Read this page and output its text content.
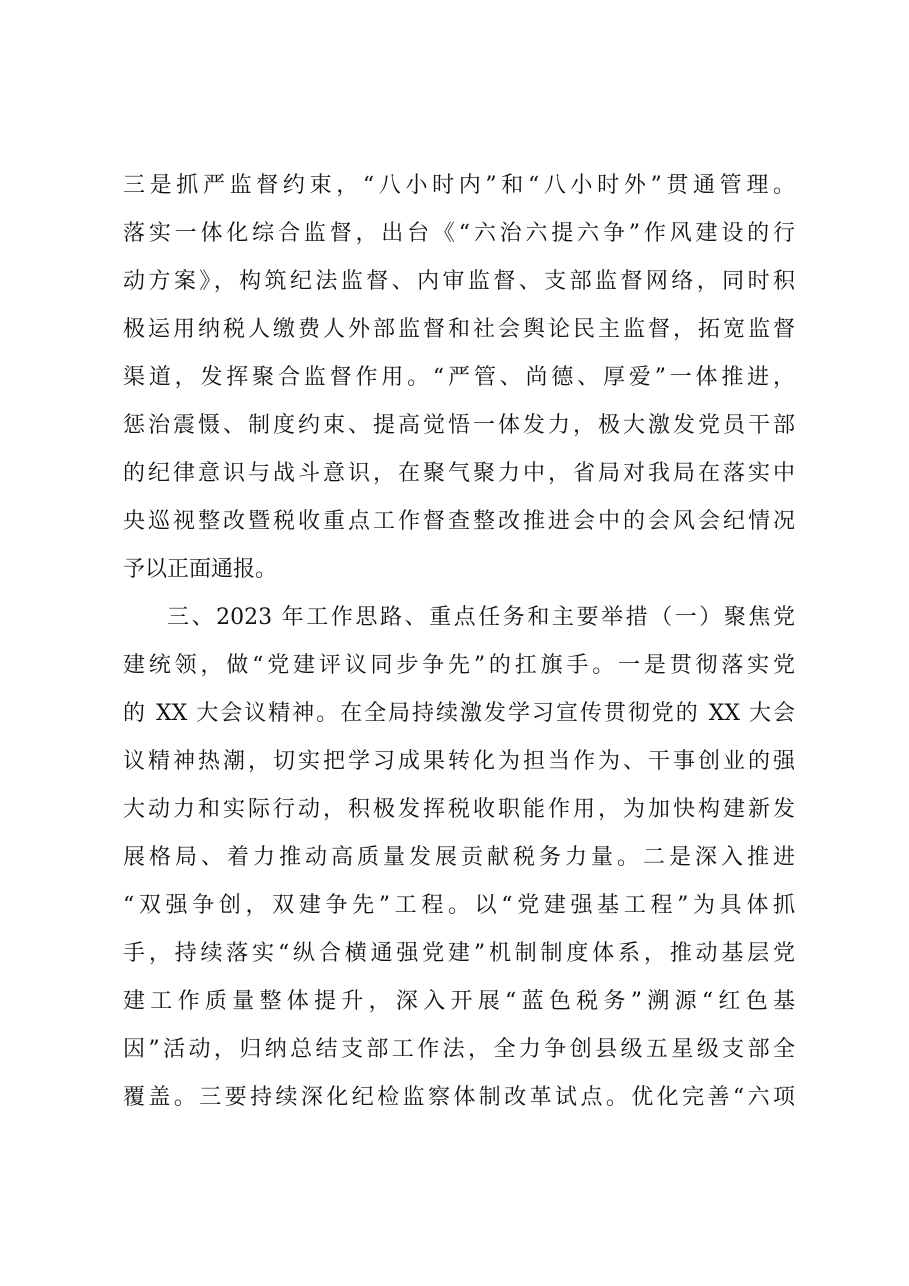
三是抓严监督约束，“八小时内”和“八小时外”贯通管理。
落实一体化综合监督，出台《“六治六提六争”作风建设的行
动方案》，构筑纪法监督、内审监督、支部监督网络，同时积
极运用纳税人缴费人外部监督和社会舆论民主监督，拓宽监督
渠道，发挥聚合监督作用。“严管、尚德、厚爱”一体推进，
惩治震慑、制度约束、提高觉悟一体发力，极大激发党员干部
的纪律意识与战斗意识，在聚气聚力中，省局对我局在落实中
央巡视整改暨税收重点工作督查整改推进会中的会风会纪情况
予以正面通报。
三、2023 年工作思路、重点任务和主要举措（一）聚焦党
建统领，做“党建评议同步争先”的扛旗手。一是贯彻落实党
的 XX 大会议精神。在全局持续激发学习宣传贯彻党的 XX 大会
议精神热潮，切实把学习成果转化为担当作为、干事创业的强
大动力和实际行动，积极发挥税收职能作用，为加快构建新发
展格局、着力推动高质量发展贡献税务力量。二是深入推进
“双强争创，双建争先”工程。以“党建强基工程”为具体抓
手，持续落实“纵合横通强党建”机制制度体系，推动基层党
建工作质量整体提升，深入开展“蓝色税务”溯源“红色基
因”活动，归纳总结支部工作法，全力争创县级五星级支部全
覆盖。三要持续深化纪检监察体制改革试点。优化完善“六项
